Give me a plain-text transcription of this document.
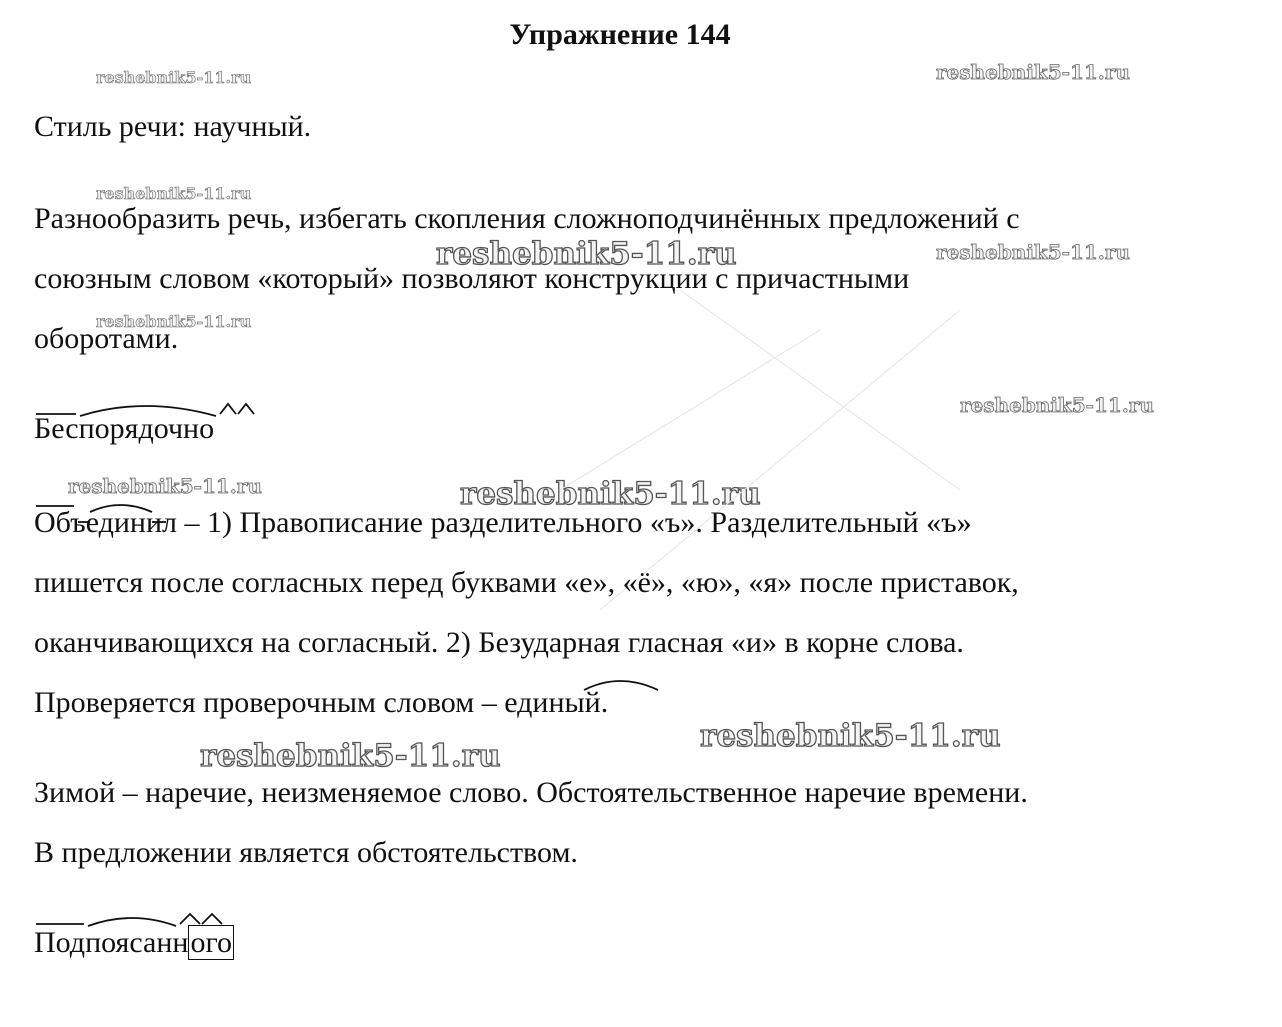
Упражнение 144
reshebnik5-11.ru	reshebnik5-11.ru
reshebnik5-11.ru
reshebnik5-11.ru	reshebnik5-11.ru
reshebnik5-11.ru
reshebnik5-11.ru
reshebnik5-11.ru	reshebnik5-11.ru
reshebnik5-11.ru
reshebnik5-11.ru
Стиль речи: научный.
Разнообразить речь, избегать скопления сложноподчинённых предложений с
союзным словом «который» позволяют конструкции с причастными
оборотами.
Беспорядочно
Объединил – 1) Правописание разделительного «ъ». Разделительный «ъ»
пишется после согласных перед буквами «е», «ё», «ю», «я» после приставок,
оканчивающихся на согласный. 2) Безударная гласная «и» в корне слова.
Проверяется проверочным словом – единый.
Зимой – наречие, неизменяемое слово. Обстоятельственное наречие времени.
В предложении является обстоятельством.
Подпоясанного
